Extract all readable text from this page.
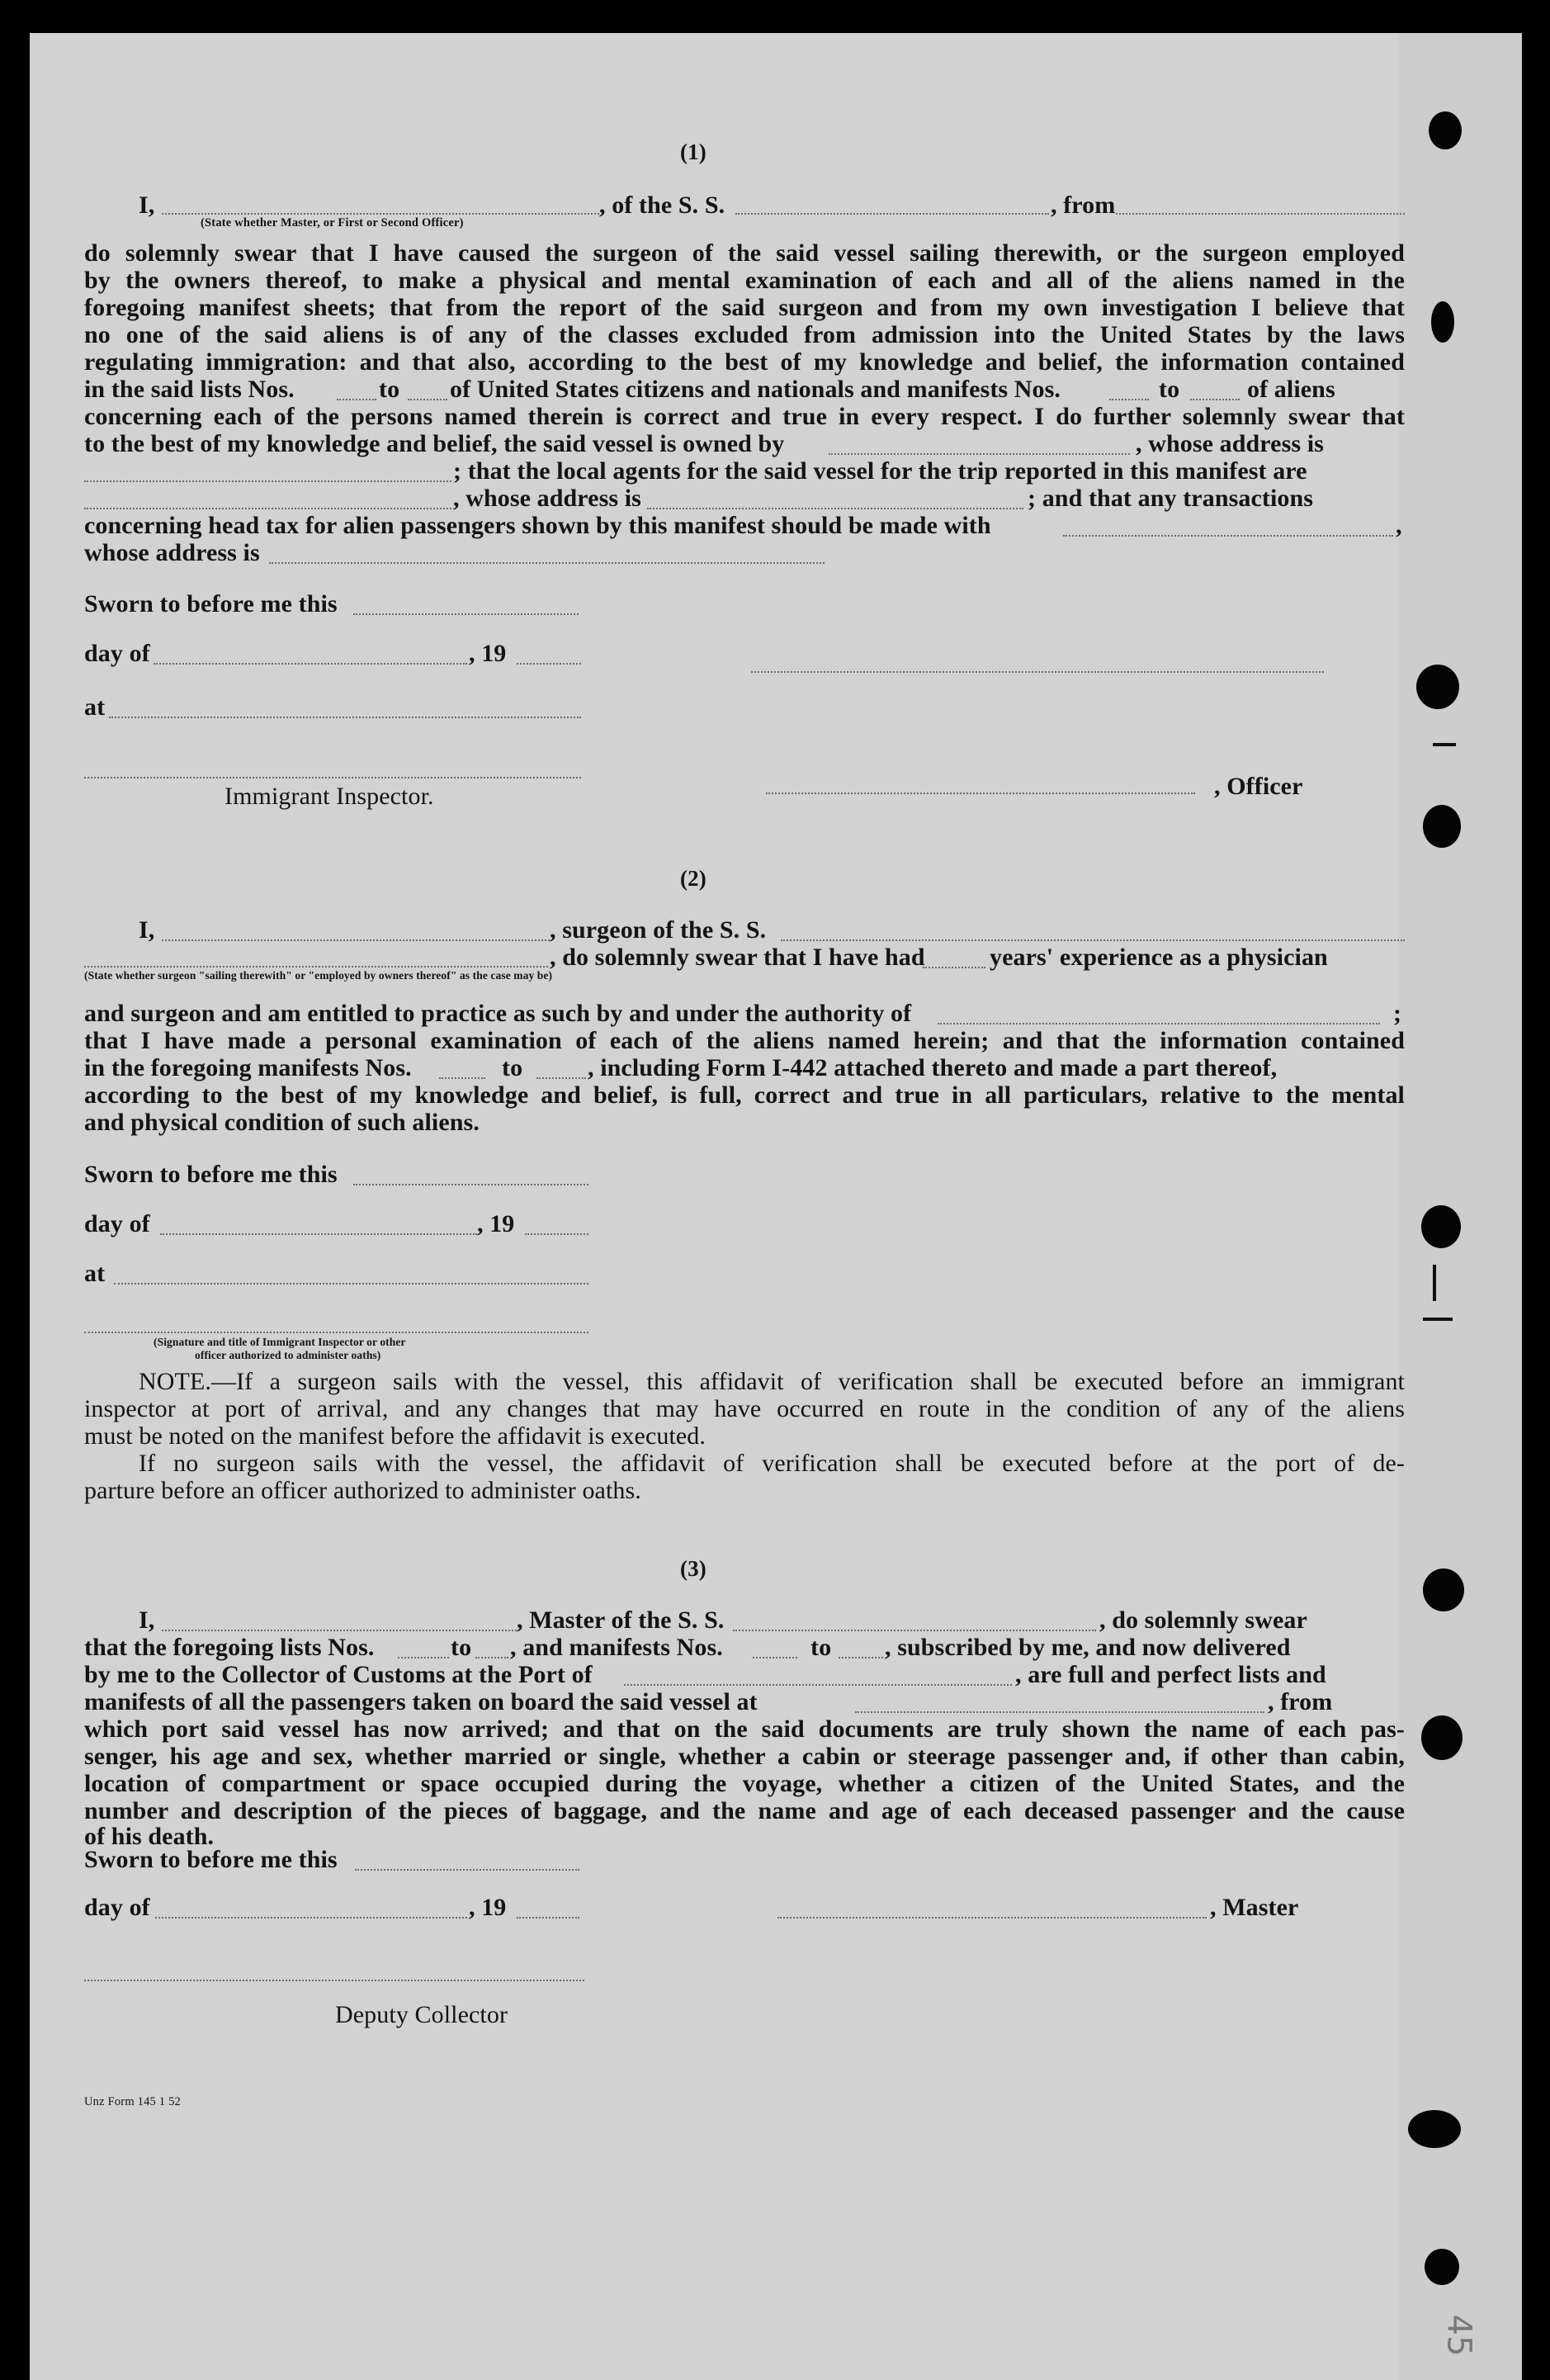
(1)
I,	, of the S. S.	, from
(State whether Master, or First or Second Officer)
do solemnly swear that I have caused the surgeon of the said vessel sailing therewith, or the surgeon employed
by the owners thereof, to make a physical and mental examination of each and all of the aliens named in the
foregoing manifest sheets; that from the report of the said surgeon and from my own investigation I believe that
no one of the said aliens is of any of the classes excluded from admission into the United States by the laws
regulating immigration: and that also, according to the best of my knowledge and belief, the information contained
in the said lists Nos.	to of United States citizens and nationals and manifests Nos.	to	of aliens
concerning each of the persons named therein is correct and true in every respect. I do further solemnly swear that
to the best of my knowledge and belief, the said vessel is owned by	, whose address is
; that the local agents for the said vessel for the trip reported in this manifest are
, whose address is	; and that any transactions
concerning head tax for alien passengers shown by this manifest should be made with	,
whose address is
Sworn to before me this
day of	, 19
at
, Officer
Immigrant Inspector.
(2)
I,	, surgeon of the S. S.
, do solemnly swear that I have had	years' experience as a physician
(State whether surgeon "sailing therewith" or "employed by owners thereof" as the case may be)
and surgeon and am entitled to practice as such by and under the authority of	;
that I have made a personal examination of each of the aliens named herein; and that the information contained
in the foregoing manifests Nos.	to	, including Form I-442 attached thereto and made a part thereof,
according to the best of my knowledge and belief, is full, correct and true in all particulars, relative to the mental
and physical condition of such aliens.
Sworn to before me this
day of	, 19
at
(Signature and title of Immigrant Inspector or other
officer authorized to administer oaths)
NOTE.—If a surgeon sails with the vessel, this affidavit of verification shall be executed before an immigrant
inspector at port of arrival, and any changes that may have occurred en route in the condition of any of the aliens
must be noted on the manifest before the affidavit is executed.
If no surgeon sails with the vessel, the affidavit of verification shall be executed before at the port of de-
parture before an officer authorized to administer oaths.
(3)
I,	, Master of the S. S.	, do solemnly swear
that the foregoing lists Nos.	to , and manifests Nos.	to , subscribed by me, and now delivered
by me to the Collector of Customs at the Port of	, are full and perfect lists and
manifests of all the passengers taken on board the said vessel at	, from
which port said vessel has now arrived; and that on the said documents are truly shown the name of each pas-
senger, his age and sex, whether married or single, whether a cabin or steerage passenger and, if other than cabin,
location of compartment or space occupied during the voyage, whether a citizen of the United States, and the
number and description of the pieces of baggage, and the name and age of each deceased passenger and the cause
of his death.
Sworn to before me this
day of	, 19	, Master
Deputy Collector
Unz Form 145 1 52
45
